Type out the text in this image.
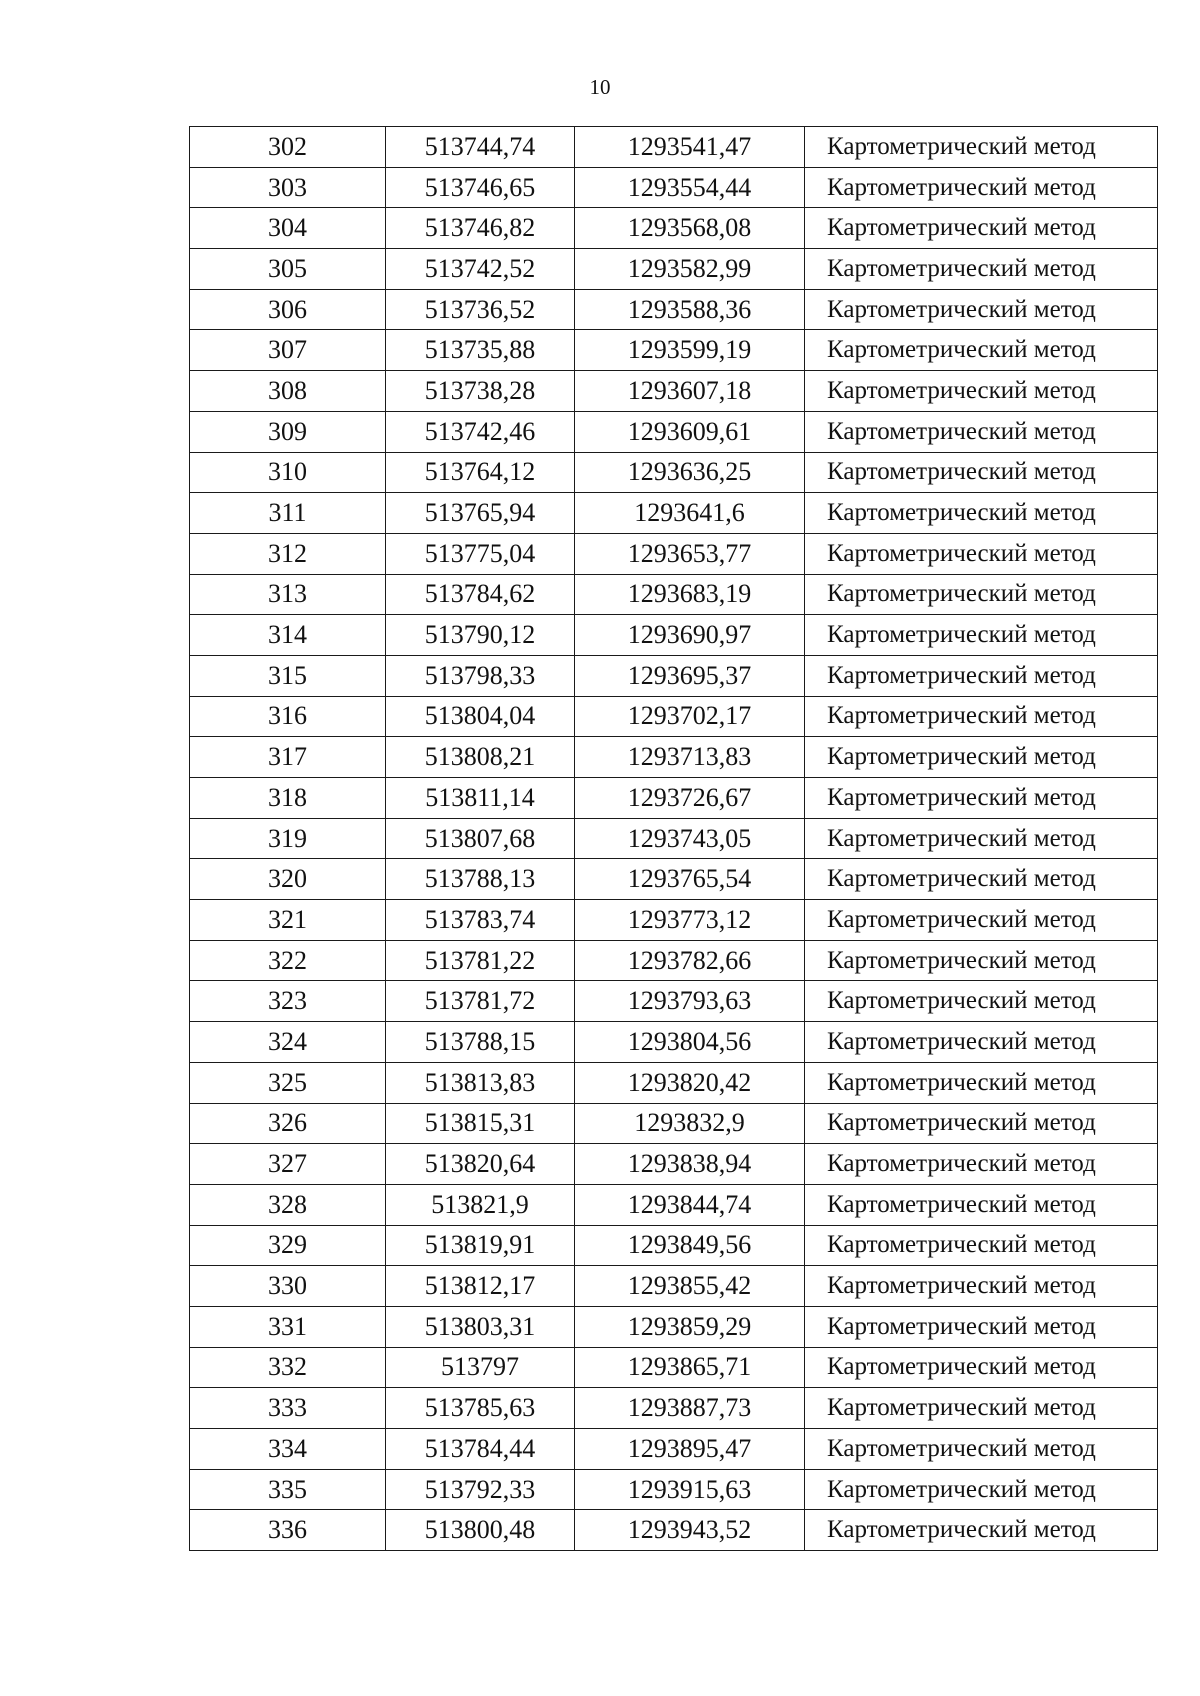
10
302	513744,74	1293541,47	Картометрический метод
303	513746,65	1293554,44	Картометрический метод
304	513746,82	1293568,08	Картометрический метод
305	513742,52	1293582,99	Картометрический метод
306	513736,52	1293588,36	Картометрический метод
307	513735,88	1293599,19	Картометрический метод
308	513738,28	1293607,18	Картометрический метод
309	513742,46	1293609,61	Картометрический метод
310	513764,12	1293636,25	Картометрический метод
311	513765,94	1293641,6	Картометрический метод
312	513775,04	1293653,77	Картометрический метод
313	513784,62	1293683,19	Картометрический метод
314	513790,12	1293690,97	Картометрический метод
315	513798,33	1293695,37	Картометрический метод
316	513804,04	1293702,17	Картометрический метод
317	513808,21	1293713,83	Картометрический метод
318	513811,14	1293726,67	Картометрический метод
319	513807,68	1293743,05	Картометрический метод
320	513788,13	1293765,54	Картометрический метод
321	513783,74	1293773,12	Картометрический метод
322	513781,22	1293782,66	Картометрический метод
323	513781,72	1293793,63	Картометрический метод
324	513788,15	1293804,56	Картометрический метод
325	513813,83	1293820,42	Картометрический метод
326	513815,31	1293832,9	Картометрический метод
327	513820,64	1293838,94	Картометрический метод
328	513821,9	1293844,74	Картометрический метод
329	513819,91	1293849,56	Картометрический метод
330	513812,17	1293855,42	Картометрический метод
331	513803,31	1293859,29	Картометрический метод
332	513797	1293865,71	Картометрический метод
333	513785,63	1293887,73	Картометрический метод
334	513784,44	1293895,47	Картометрический метод
335	513792,33	1293915,63	Картометрический метод
336	513800,48	1293943,52	Картометрический метод
